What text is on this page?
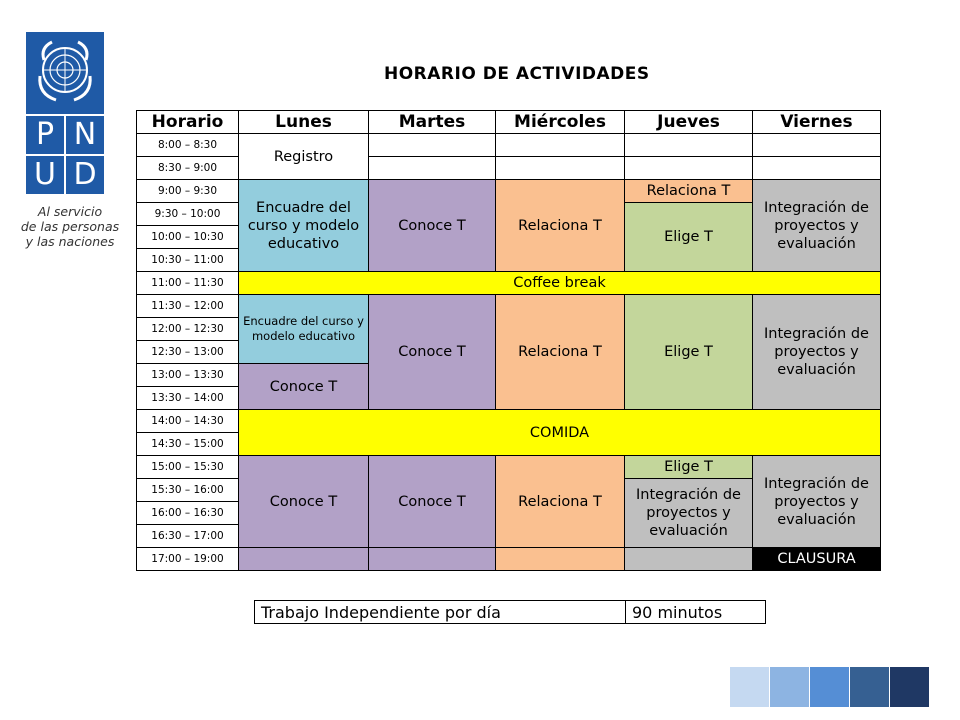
P N
U D
Al servicio
de las personas
y las naciones
HORARIO DE ACTIVIDADES
Horario	Lunes	Martes	Miércoles	Jueves	Viernes
8:00 – 8:30	Registro				
8:30 – 9:00					
9:00 – 9:30	Encuadre del curso y modelo educativo	Conoce T	Relaciona T	Relaciona T	Integración de proyectos y evaluación
9:30 – 10:00				Elige T	
10:00 – 10:30					
10:30 – 11:00					
11:00 – 11:30	Coffee break				
11:30 – 12:00	Encuadre del curso y modelo educativo	Conoce T	Relaciona T	Elige T	Integración de proyectos y evaluación
12:00 – 12:30					
12:30 – 13:00					
13:00 – 13:30	Conoce T				
13:30 – 14:00					
14:00 – 14:30	COMIDA				
14:30 – 15:00					
15:00 – 15:30	Conoce T	Conoce T	Relaciona T	Elige T	Integración de proyectos y evaluación
15:30 – 16:00				Integración de proyectos y evaluación	
16:00 – 16:30					
16:30 – 17:00					
17:00 – 19:00					CLAUSURA
Trabajo Independiente por día	90 minutos
